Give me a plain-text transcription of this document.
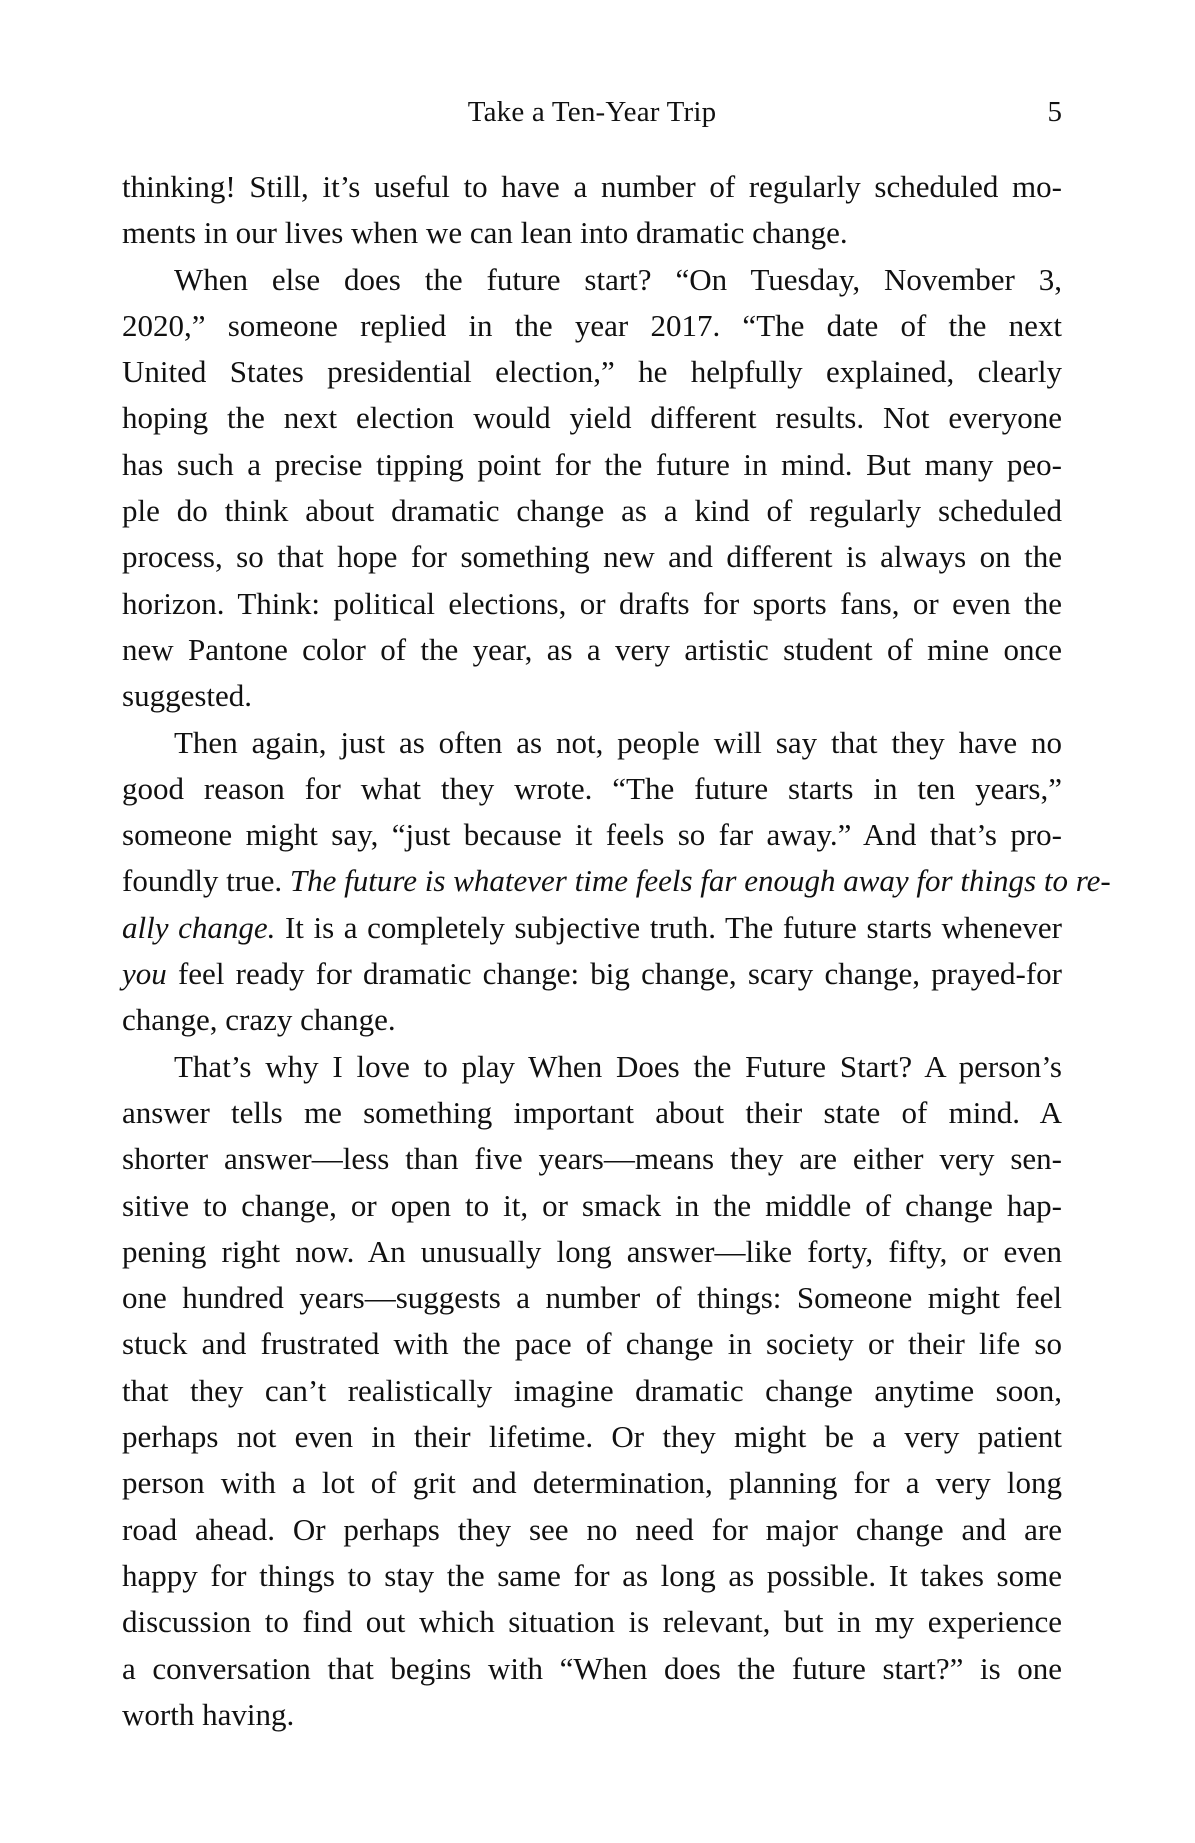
Take a Ten-Year Trip	5
thinking! Still, it’s useful to have a number of regularly scheduled mo-
ments in our lives when we can lean into dramatic change.
When else does the future start? “On Tuesday, November 3,
2020,” someone replied in the year 2017. “The date of the next
United States presidential election,” he helpfully explained, clearly
hoping the next election would yield different results. Not everyone
has such a precise tipping point for the future in mind. But many peo-
ple do think about dramatic change as a kind of regularly scheduled
process, so that hope for something new and different is always on the
horizon. Think: political elections, or drafts for sports fans, or even the
new Pantone color of the year, as a very artistic student of mine once
suggested.
Then again, just as often as not, people will say that they have no
good reason for what they wrote. “The future starts in ten years,”
someone might say, “just because it feels so far away.” And that’s pro-
foundly true. The future is whatever time feels far enough away for things to re-
ally change. It is a completely subjective truth. The future starts whenever
you feel ready for dramatic change: big change, scary change, prayed-for
change, crazy change.
That’s why I love to play When Does the Future Start? A person’s
answer tells me something important about their state of mind. A
shorter answer—less than five years—means they are either very sen-
sitive to change, or open to it, or smack in the middle of change hap-
pening right now. An unusually long answer—like forty, fifty, or even
one hundred years—suggests a number of things: Someone might feel
stuck and frustrated with the pace of change in society or their life so
that they can’t realistically imagine dramatic change anytime soon,
perhaps not even in their lifetime. Or they might be a very patient
person with a lot of grit and determination, planning for a very long
road ahead. Or perhaps they see no need for major change and are
happy for things to stay the same for as long as possible. It takes some
discussion to find out which situation is relevant, but in my experience
a conversation that begins with “When does the future start?” is one
worth having.
